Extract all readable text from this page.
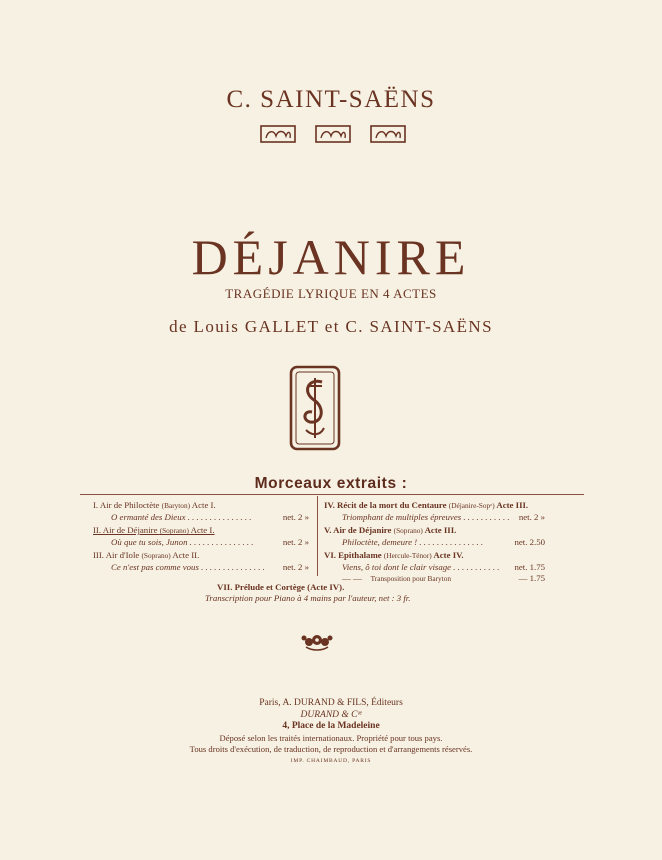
C. SAINT-SAËNS
DÉJANIRE
TRAGÉDIE LYRIQUE EN 4 ACTES
de Louis GALLET et C. SAINT-SAËNS
Morceaux extraits :
I. Air de Philoctète (Baryton) Acte I.
O ermanté des Dieux . . . . . . . . . . . . . . .	net. 2 »
II. Air de Déjanire (Soprano) Acte I.
Où que tu sois, Junon . . . . . . . . . . . . . . .	net. 2 »
III. Air d'Iole (Soprano) Acte II.
Ce n'est pas comme vous . . . . . . . . . . . . . . .	net. 2 »
IV. Récit de la mort du Centaure (Déjanire-Sopᵒ) Acte III.
Triomphant de multiples épreuves . . . . . . . . . . .	net. 2 »
V. Air de Déjanire (Soprano) Acte III.
Philoctète, demeure ! . . . . . . . . . . . . . . .	net. 2.50
VI. Epithalame (Hercule-Ténor) Acte IV.
Viens, ô toi dont le clair visage . . . . . . . . . . .	net. 1.75
— — Transposition pour Baryton	— 1.75
VII. Prélude et Cortège (Acte IV).
Transcription pour Piano à 4 mains par l'auteur, net : 3 fr.
Paris, A. DURAND & FILS, Éditeurs
DURAND & Cᶦᵉ
4, Place de la Madeleine
Déposé selon les traités internationaux. Propriété pour tous pays.
Tous droits d'exécution, de traduction, de reproduction et d'arrangements réservés.
IMP. CHAIMBAUD, PARIS
